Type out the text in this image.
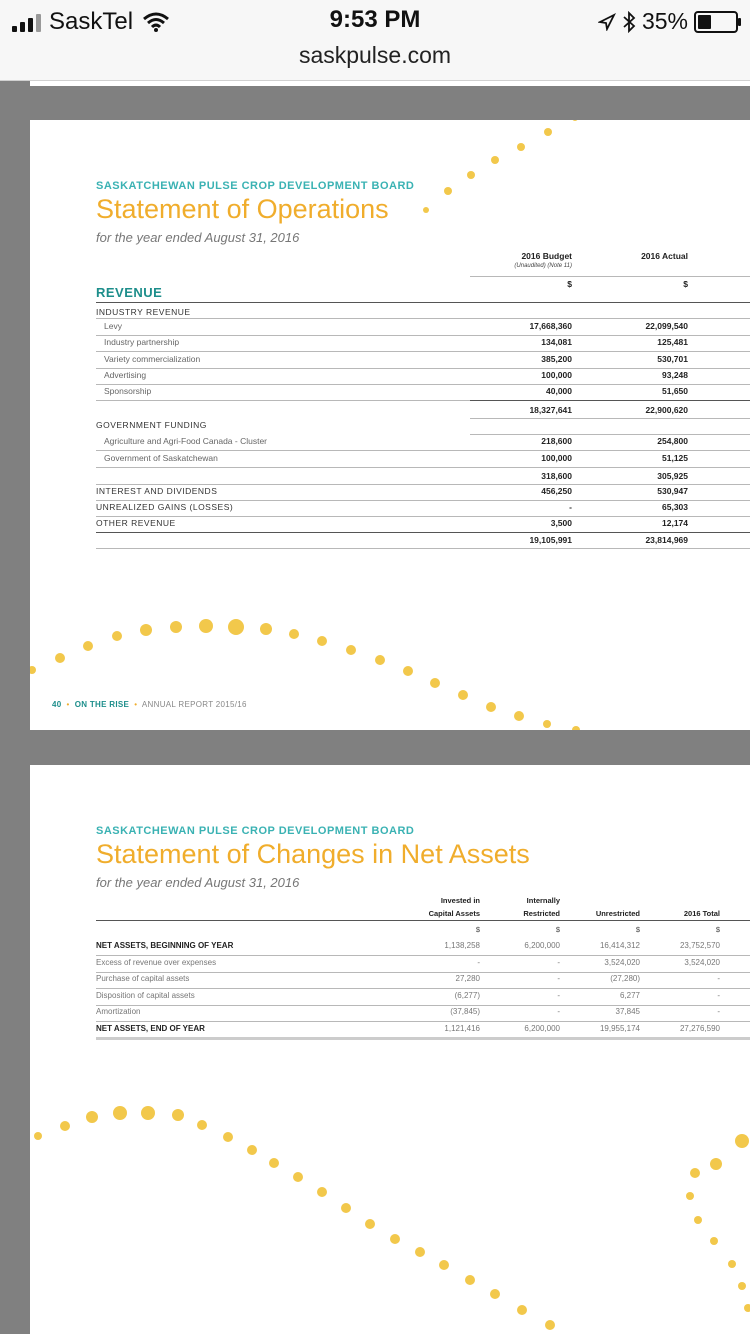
SaskTel	9:53 PM
saskpulse.com
35%
SASKATCHEWAN PULSE CROP DEVELOPMENT BOARD
Statement of Operations
for the year ended August 31, 2016
2016 Budget
(Unaudited) (Note 11)
2016 Actual
$	$
REVENUE
INDUSTRY REVENUE
Levy	17,668,360	22,099,540
Industry partnership	134,081	125,481
Variety commercialization	385,200	530,701
Advertising	100,000	93,248
Sponsorship	40,000	51,650
18,327,641	22,900,620
GOVERNMENT FUNDING
Agriculture and Agri-Food Canada - Cluster	218,600	254,800
Government of Saskatchewan	100,000	51,125
318,600	305,925
INTEREST AND DIVIDENDS	456,250	530,947
UNREALIZED GAINS (LOSSES)	-	65,303
OTHER REVENUE	3,500	12,174
19,105,991	23,814,969
40  •  ON THE RISE  •  ANNUAL REPORT 2015/16
SASKATCHEWAN PULSE CROP DEVELOPMENT BOARD
Statement of Changes in Net Assets
for the year ended August 31, 2016
Invested in
Capital Assets
$
Internally
Restricted
$
Unrestricted
$
2016 Total
$
NET ASSETS, BEGINNING OF YEAR	1,138,258	6,200,000	16,414,312	23,752,570
Excess of revenue over expenses	-	-	3,524,020	3,524,020
Purchase of capital assets	27,280	-	(27,280)	-
Disposition of capital assets	(6,277)	-	6,277	-
Amortization	(37,845)	-	37,845	-
NET ASSETS, END OF YEAR	1,121,416	6,200,000	19,955,174	27,276,590
